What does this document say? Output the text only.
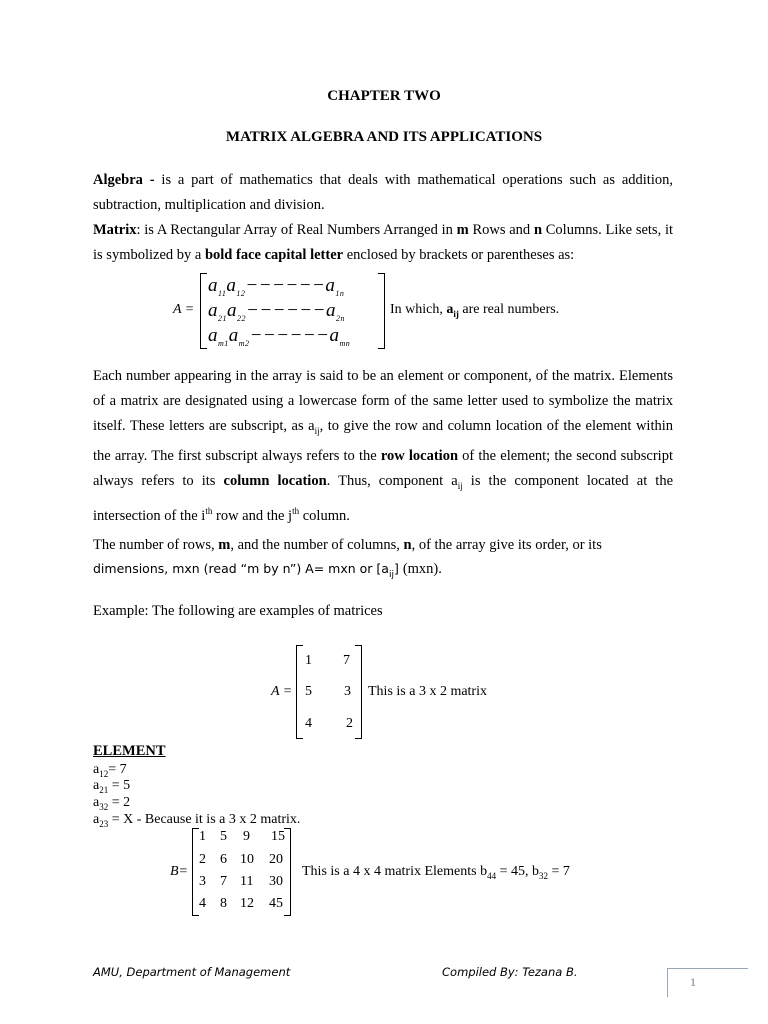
CHAPTER TWO
MATRIX ALGEBRA AND ITS APPLICATIONS

Algebra - is a part of mathematics that deals with mathematical operations such as addition, subtraction, multiplication and division.

Matrix: is A Rectangular Array of Real Numbers Arranged in m Rows and n Columns. Like sets, it is symbolized by a bold face capital letter enclosed by brackets or parentheses as:

A =
$a_{11}a_{12}------a_{1n}$
$a_{21}a_{22}------a_{2n}$
$a_{m1}a_{m2}------a_{mn}$
In which, $a_{ij}$ are real numbers.

Each number appearing in the array is said to be an element or component, of the matrix. Elements of a matrix are designated using a lowercase form of the same letter used to symbolize the matrix itself. These letters are subscript, as $a_{ij}$, to give the row and column location of the element within the array. The first subscript always refers to the row location of the element; the second subscript always refers to its column location. Thus, component $a_{ij}$ is the component located at the intersection of the $i^{th}$ row and the $j^{th}$ column.

The number of rows, m, and the number of columns, n, of the array give its order, or its

dimensions, mxn (read “m by n”) A= mxn or $[a_{ij}]$ (mxn).
Example: The following are examples of matrices
A =
1 7
5 3
4 2
This is a 3 x 2 matrix
ELEMENT
$a_{12}= 7$
$a_{21} = 5$
$a_{32} = 2$
$a_{23} = X$ - Because it is a 3 x 2 matrix.
B=
1 5 9 15
2 6 10 20
3 7 11 30
4 8 12 45
This is a 4 x 4 matrix Elements $b_{44} = 45$, $b_{32} = 7$
AMU, Department of Management	Compiled By: Tezana B.
1
